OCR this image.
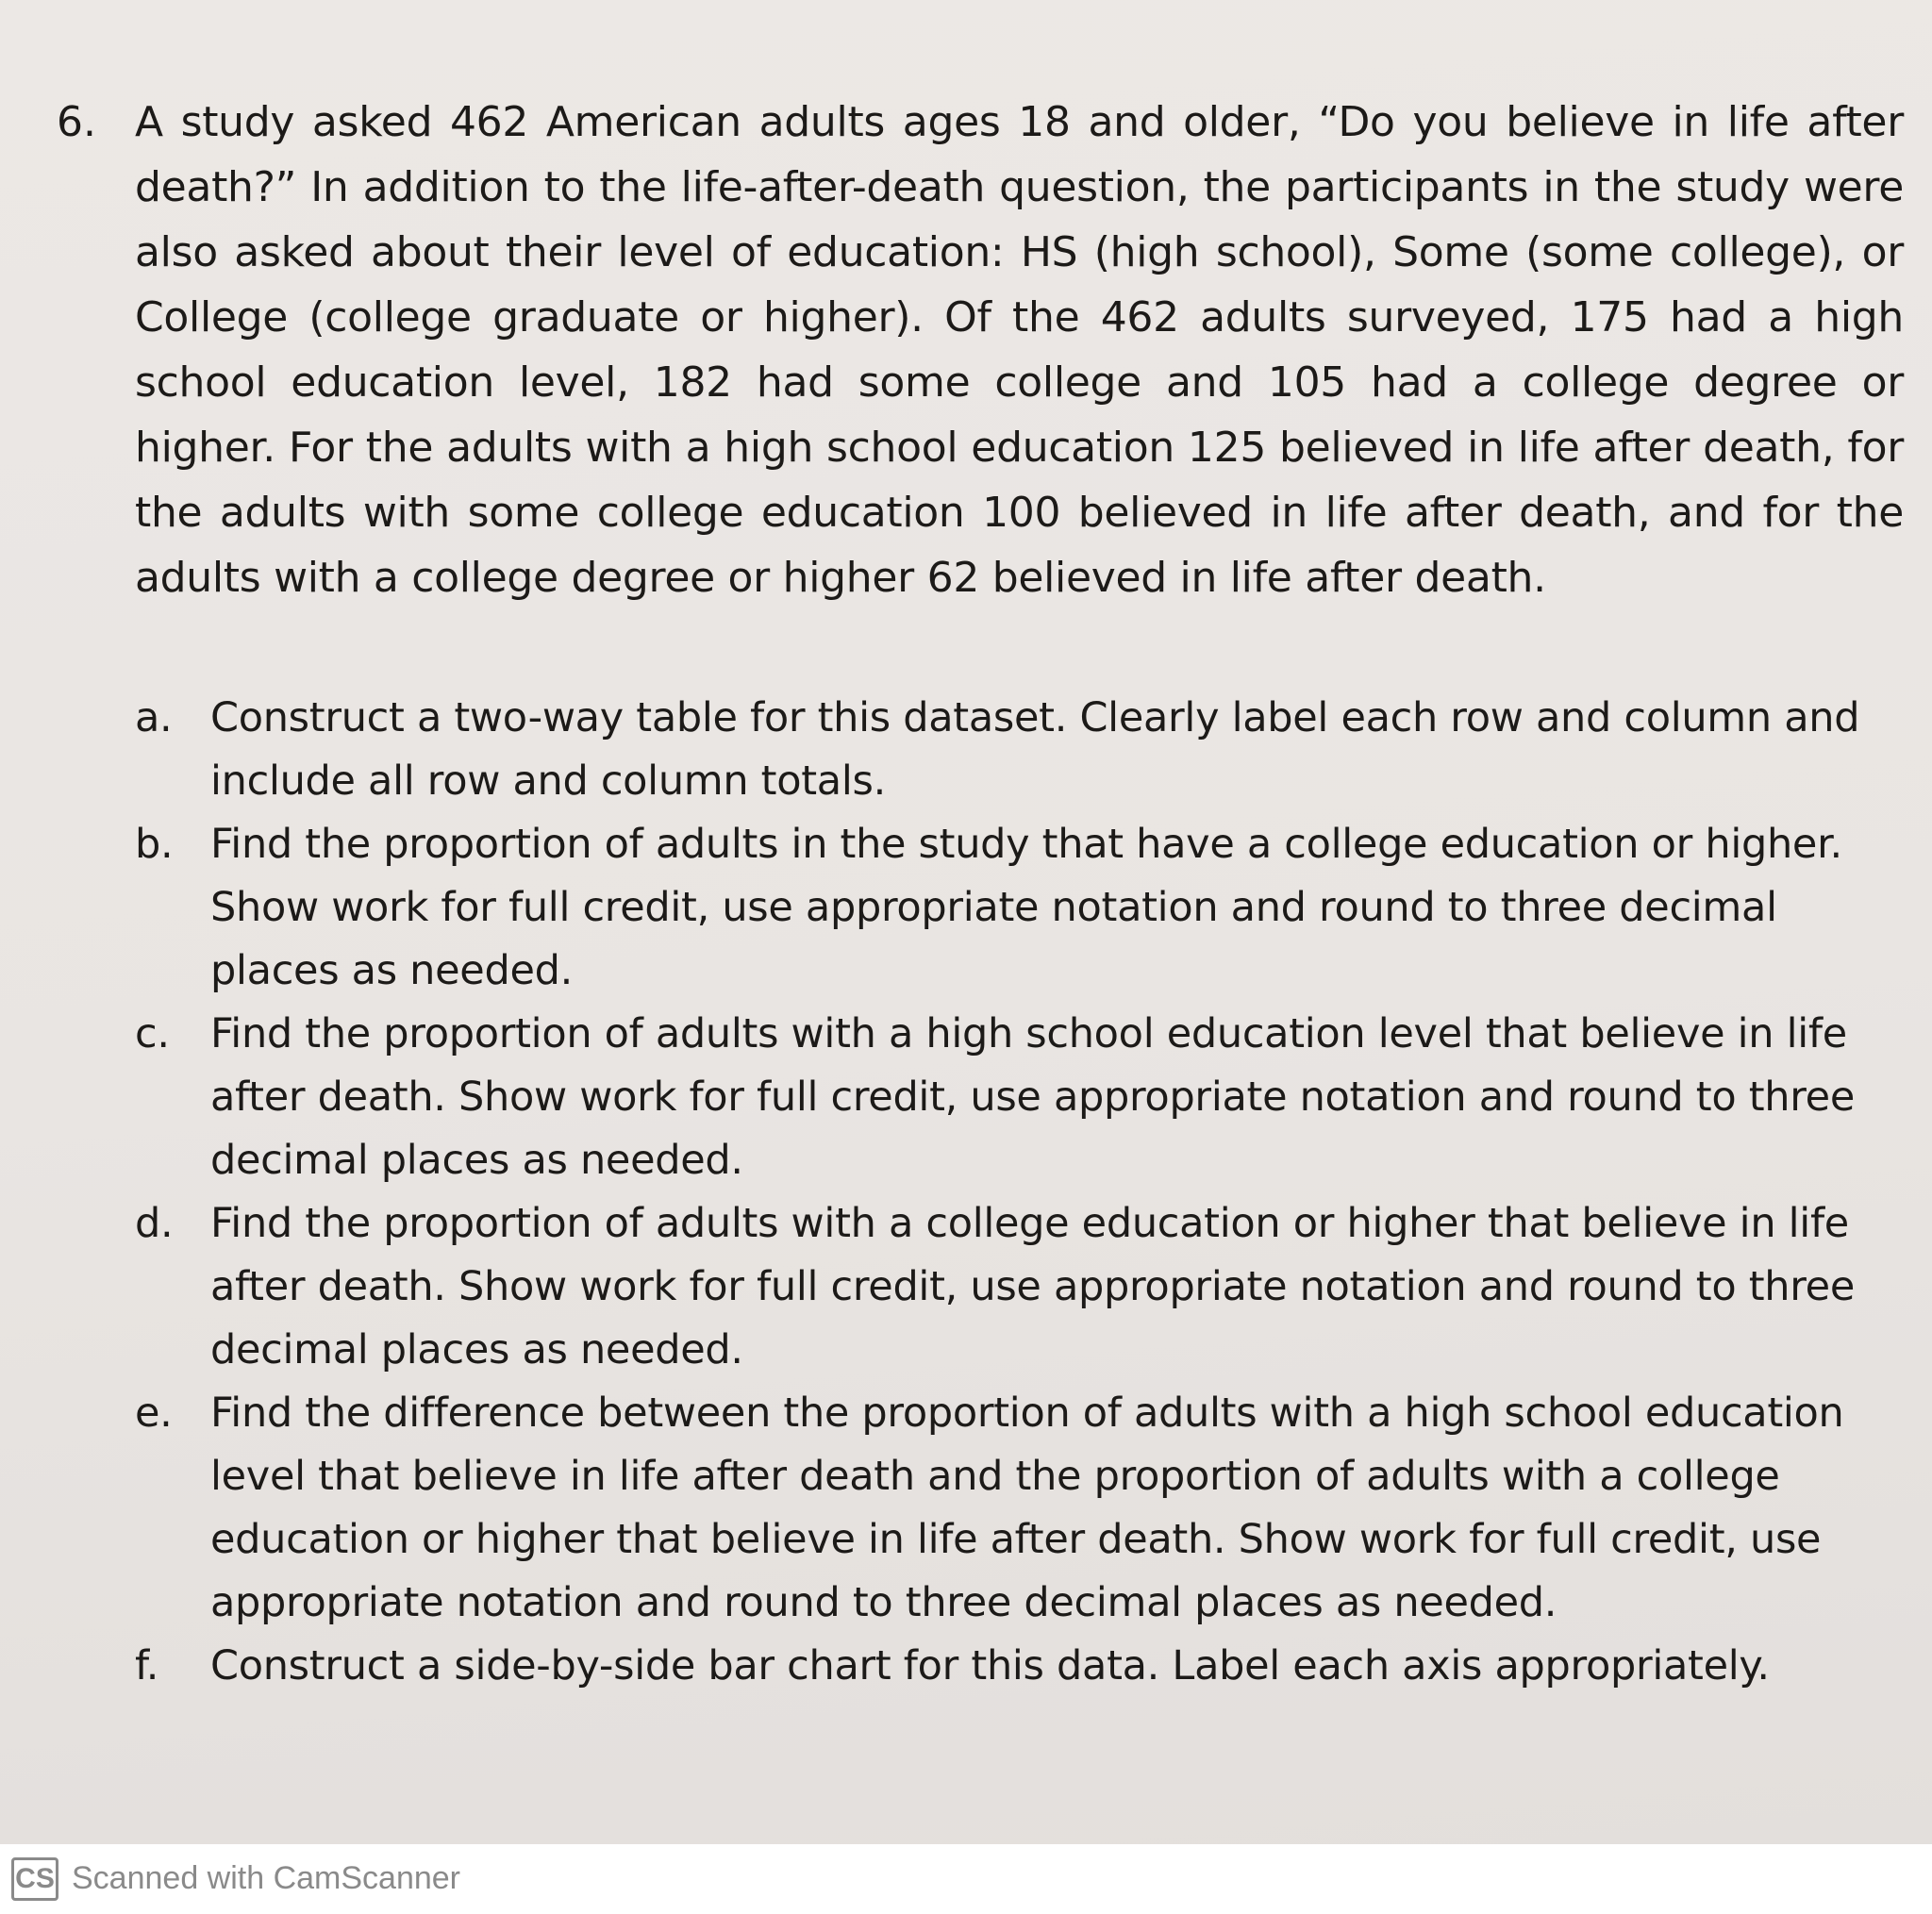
6. A study asked 462 American adults ages 18 and older, “Do you believe in life after death?” In addition to the life-after-death question, the participants in the study were also asked about their level of education: HS (high school), Some (some college), or College (college graduate or higher). Of the 462 adults surveyed, 175 had a high school education level, 182 had some college and 105 had a college degree or higher. For the adults with a high school education 125 believed in life after death, for the adults with some college education 100 believed in life after death, and for the adults with a college degree or higher 62 believed in life after death.
a. Construct a two-way table for this dataset. Clearly label each row and column and include all row and column totals.
b. Find the proportion of adults in the study that have a college education or higher. Show work for full credit, use appropriate notation and round to three decimal places as needed.
c. Find the proportion of adults with a high school education level that believe in life after death. Show work for full credit, use appropriate notation and round to three decimal places as needed.
d. Find the proportion of adults with a college education or higher that believe in life after death. Show work for full credit, use appropriate notation and round to three decimal places as needed.
e. Find the difference between the proportion of adults with a high school education level that believe in life after death and the proportion of adults with a college education or higher that believe in life after death. Show work for full credit, use appropriate notation and round to three decimal places as needed.
f. Construct a side-by-side bar chart for this data. Label each axis appropriately.
CS Scanned with CamScanner
